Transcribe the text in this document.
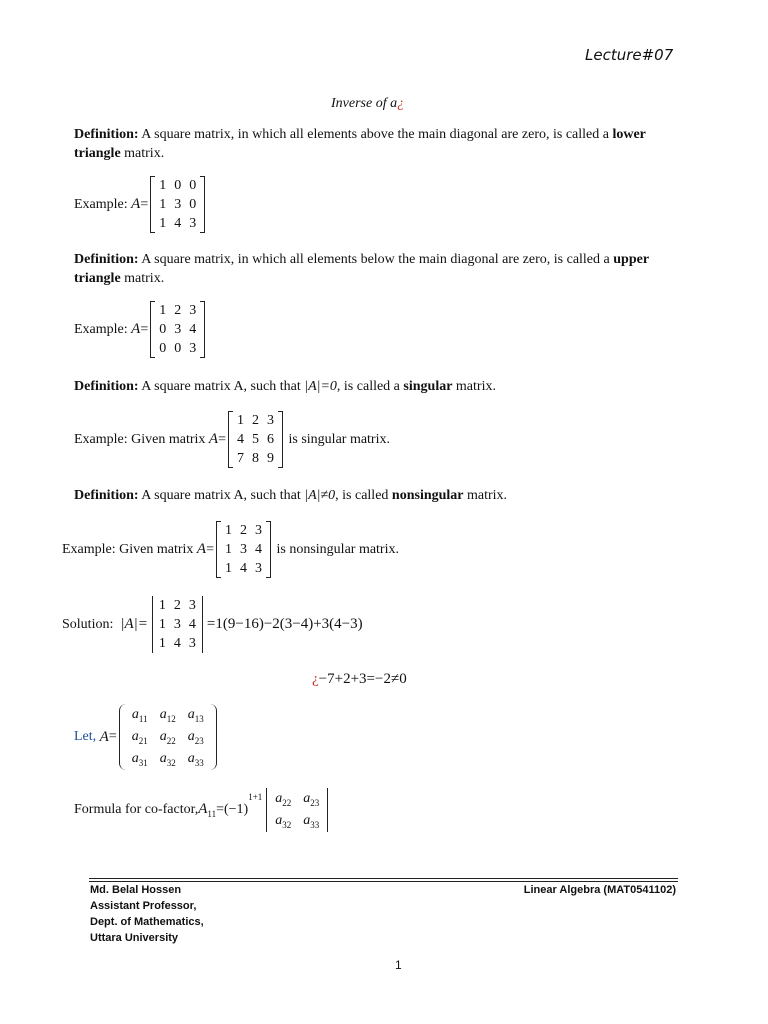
Lecture#07
Inverse of a¿
Definition: A square matrix, in which all elements above the main diagonal are zero, is called a lower
triangle matrix.
Example:
A =
1	0	0
1	3	0
1	4	3
Definition: A square matrix, in which all elements below the main diagonal are zero, is called a upper
triangle matrix.
Example:
A =
1	2	3
0	3	4
0	0	3
Definition: A square matrix A, such that |A|=0, is called a singular matrix.
Example: Given matrix
A =
1	2	3
4	5	6
7	8	9

is singular matrix.
Definition: A square matrix A, such that |A|≠0, is called nonsingular matrix.
Example: Given matrix
A =
1	2	3
1	3	4
1	4	3

is nonsingular matrix.
Solution:
|A|=
1	2	3
1	3	4
1	4	3
=1(9−16)−2(3−4)+3(4−3)
¿−7+2+3=−2≠0
Let,
A =
$a_{11}$	$a_{12}$	$a_{13}$
$a_{21}$	$a_{22}$	$a_{23}$
$a_{31}$	$a_{32}$	$a_{33}$
Formula for co-factor, $A_{11} =(-1)$
1+1 $a_{22}$	$a_{23}$
$a_{32}$	$a_{33}$
Md. Belal Hossen
Assistant Professor,
Dept. of Mathematics,
Uttara University
Linear Algebra (MAT0541102)
1
